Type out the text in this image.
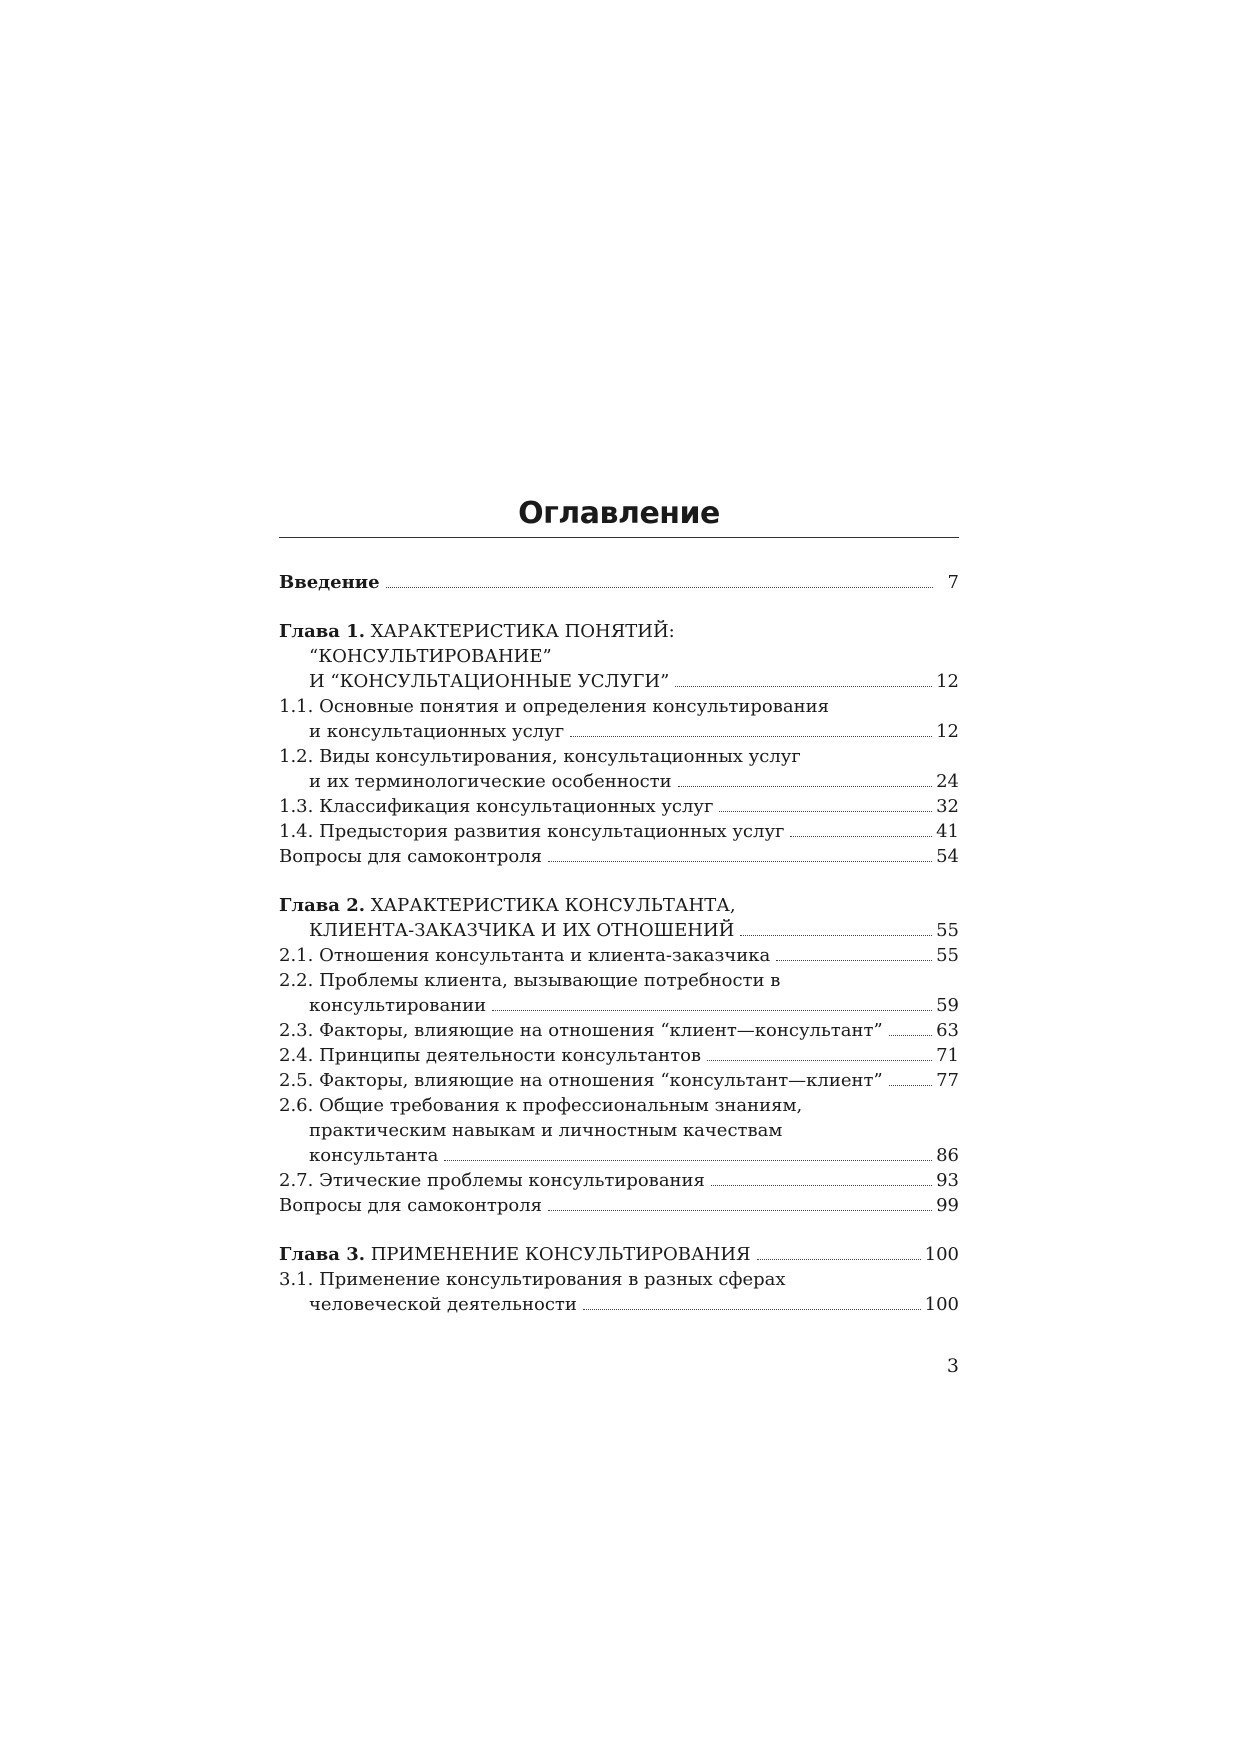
Оглавление
Введение	7
Глава 1. ХАРАКТЕРИСТИКА ПОНЯТИЙ:
“КОНСУЛЬТИРОВАНИЕ”
И “КОНСУЛЬТАЦИОННЫЕ УСЛУГИ”	12
1.1. Основные понятия и определения консультирования
и консультационных услуг	12
1.2. Виды консультирования, консультационных услуг
и их терминологические особенности	24
1.3. Классификация консультационных услуг	32
1.4. Предыстория развития консультационных услуг	41
Вопросы для самоконтроля	54
Глава 2. ХАРАКТЕРИСТИКА КОНСУЛЬТАНТА,
КЛИЕНТА-ЗАКАЗЧИКА И ИХ ОТНОШЕНИЙ	55
2.1. Отношения консультанта и клиента-заказчика	55
2.2. Проблемы клиента, вызывающие потребности в
консультировании	59
2.3. Факторы, влияющие на отношения “клиент—консультант”	63
2.4. Принципы деятельности консультантов	71
2.5. Факторы, влияющие на отношения “консультант—клиент”	77
2.6. Общие требования к профессиональным знаниям,
практическим навыкам и личностным качествам
консультанта	86
2.7. Этические проблемы консультирования	93
Вопросы для самоконтроля	99
Глава 3. ПРИМЕНЕНИЕ КОНСУЛЬТИРОВАНИЯ	100
3.1. Применение консультирования в разных сферах
человеческой деятельности	100
3
